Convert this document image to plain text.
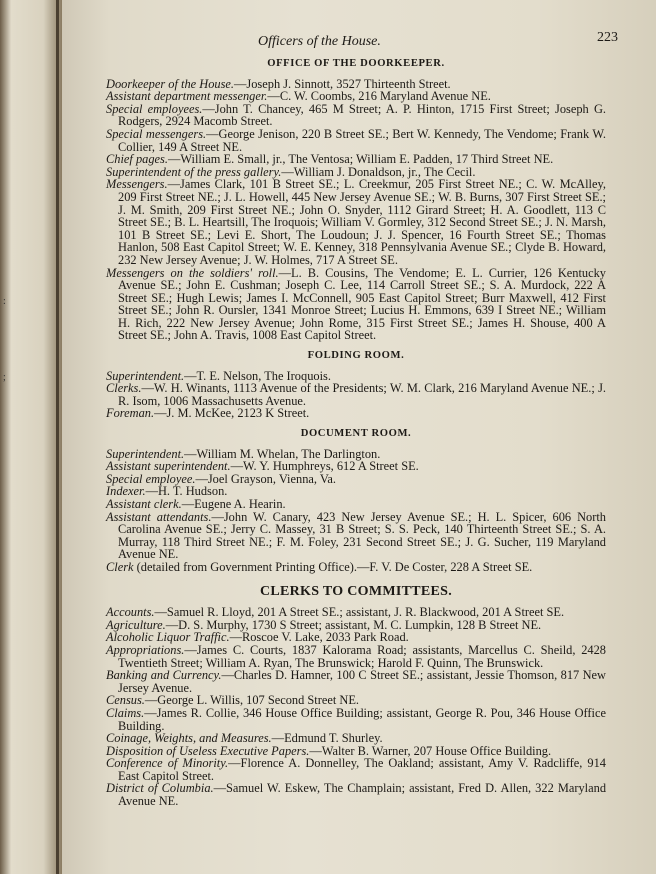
:
;
Officers of the House.	223
OFFICE OF THE DOORKEEPER.
Doorkeeper of the House.—Joseph J. Sinnott, 3527 Thirteenth Street.
Assistant department messenger.—C. W. Coombs, 216 Maryland Avenue NE.
Special employees.—John T. Chancey, 465 M Street; A. P. Hinton, 1715 First Street; Joseph G. Rodgers, 2924 Macomb Street.
Special messengers.—George Jenison, 220 B Street SE.; Bert W. Kennedy, The Vendome; Frank W. Collier, 149 A Street NE.
Chief pages.—William E. Small, jr., The Ventosa; William E. Padden, 17 Third Street NE.
Superintendent of the press gallery.—William J. Donaldson, jr., The Cecil.
Messengers.—James Clark, 101 B Street SE.; L. Creekmur, 205 First Street NE.; C. W. McAlley, 209 First Street NE.; J. L. Howell, 445 New Jersey Avenue SE.; W. B. Burns, 307 First Street SE.; J. M. Smith, 209 First Street NE.; John O. Snyder, 1112 Girard Street; H. A. Goodlett, 113 C Street SE.; B. L. Heartsill, The Iroquois; William V. Gormley, 312 Second Street SE.; J. N. Marsh, 101 B Street SE.; Levi E. Short, The Loudoun; J. J. Spencer, 16 Fourth Street SE.; Thomas Hanlon, 508 East Capitol Street; W. E. Kenney, 318 Pennsylvania Avenue SE.; Clyde B. Howard, 232 New Jersey Avenue; J. W. Holmes, 717 A Street SE.
Messengers on the soldiers' roll.—L. B. Cousins, The Vendome; E. L. Currier, 126 Kentucky Avenue SE.; John E. Cushman; Joseph C. Lee, 114 Carroll Street SE.; S. A. Murdock, 222 A Street SE.; Hugh Lewis; James I. McConnell, 905 East Capitol Street; Burr Maxwell, 412 First Street SE.; John R. Oursler, 1341 Monroe Street; Lucius H. Emmons, 639 I Street NE.; William H. Rich, 222 New Jersey Avenue; John Rome, 315 First Street SE.; James H. Shouse, 400 A Street SE.; John A. Travis, 1008 East Capitol Street.
FOLDING ROOM.
Superintendent.—T. E. Nelson, The Iroquois.
Clerks.—W. H. Winants, 1113 Avenue of the Presidents; W. M. Clark, 216 Maryland Avenue NE.; J. R. Isom, 1006 Massachusetts Avenue.
Foreman.—J. M. McKee, 2123 K Street.
DOCUMENT ROOM.
Superintendent.—William M. Whelan, The Darlington.
Assistant superintendent.—W. Y. Humphreys, 612 A Street SE.
Special employee.—Joel Grayson, Vienna, Va.
Indexer.—H. T. Hudson.
Assistant clerk.—Eugene A. Hearin.
Assistant attendants.—John W. Canary, 423 New Jersey Avenue SE.; H. L. Spicer, 606 North Carolina Avenue SE.; Jerry C. Massey, 31 B Street; S. S. Peck, 140 Thirteenth Street SE.; S. A. Murray, 118 Third Street NE.; F. M. Foley, 231 Second Street SE.; J. G. Sucher, 119 Maryland Avenue NE.
Clerk (detailed from Government Printing Office).—F. V. De Coster, 228 A Street SE.
CLERKS TO COMMITTEES.
Accounts.—Samuel R. Lloyd, 201 A Street SE.; assistant, J. R. Blackwood, 201 A Street SE.
Agriculture.—D. S. Murphy, 1730 S Street; assistant, M. C. Lumpkin, 128 B Street NE.
Alcoholic Liquor Traffic.—Roscoe V. Lake, 2033 Park Road.
Appropriations.—James C. Courts, 1837 Kalorama Road; assistants, Marcellus C. Sheild, 2428 Twentieth Street; William A. Ryan, The Brunswick; Harold F. Quinn, The Brunswick.
Banking and Currency.—Charles D. Hamner, 100 C Street SE.; assistant, Jessie Thomson, 817 New Jersey Avenue.
Census.—George L. Willis, 107 Second Street NE.
Claims.—James R. Collie, 346 House Office Building; assistant, George R. Pou, 346 House Office Building.
Coinage, Weights, and Measures.—Edmund T. Shurley.
Disposition of Useless Executive Papers.—Walter B. Warner, 207 House Office Building.
Conference of Minority.—Florence A. Donnelley, The Oakland; assistant, Amy V. Radcliffe, 914 East Capitol Street.
District of Columbia.—Samuel W. Eskew, The Champlain; assistant, Fred D. Allen, 322 Maryland Avenue NE.
